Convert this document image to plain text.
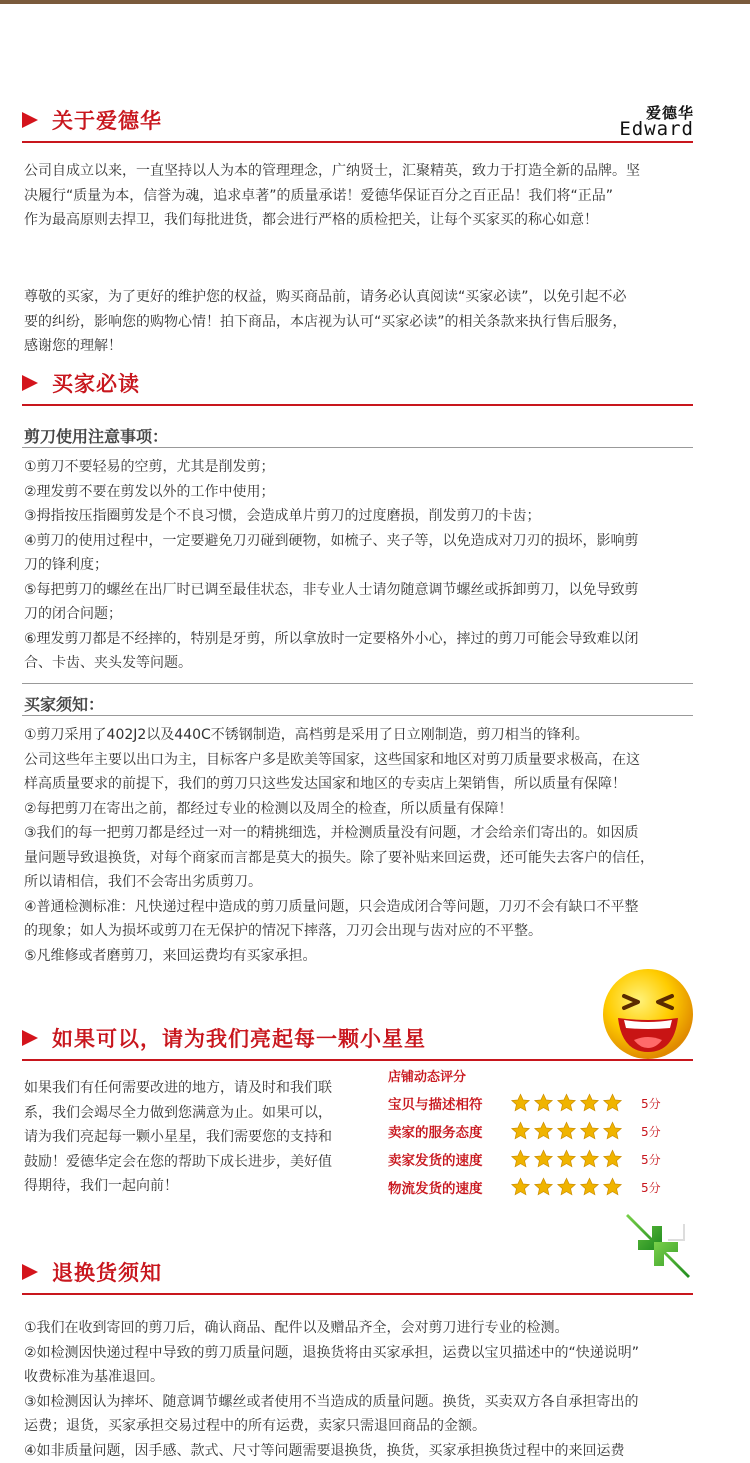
关于爱德华	爱德华
Edward
公司自成立以来，一直坚持以人为本的管理理念，广纳贤士，汇聚精英，致力于打造全新的品牌。坚
决履行“质量为本，信誉为魂，追求卓著”的质量承诺！爱德华保证百分之百正品！我们将“正品”
作为最高原则去捍卫，我们每批进货，都会进行严格的质检把关，让每个买家买的称心如意！
尊敬的买家，为了更好的维护您的权益，购买商品前，请务必认真阅读“买家必读”，以免引起不必
要的纠纷，影响您的购物心情！拍下商品，本店视为认可“买家必读”的相关条款来执行售后服务，
感谢您的理解！
买家必读
剪刀使用注意事项：
①剪刀不要轻易的空剪，尤其是削发剪；
②理发剪不要在剪发以外的工作中使用；
③拇指按压指圈剪发是个不良习惯，会造成单片剪刀的过度磨损，削发剪刀的卡齿；
④剪刀的使用过程中，一定要避免刀刃碰到硬物，如梳子、夹子等，以免造成对刀刃的损坏，影响剪
刀的锋利度；
⑤每把剪刀的螺丝在出厂时已调至最佳状态，非专业人士请勿随意调节螺丝或拆卸剪刀，以免导致剪
刀的闭合问题；
⑥理发剪刀都是不经摔的，特别是牙剪，所以拿放时一定要格外小心，摔过的剪刀可能会导致难以闭
合、卡齿、夹头发等问题。
买家须知：
①剪刀采用了402J2以及440C不锈钢制造，高档剪是采用了日立刚制造，剪刀相当的锋利。
公司这些年主要以出口为主，目标客户多是欧美等国家，这些国家和地区对剪刀质量要求极高，在这
样高质量要求的前提下，我们的剪刀只这些发达国家和地区的专卖店上架销售，所以质量有保障！
②每把剪刀在寄出之前，都经过专业的检测以及周全的检查，所以质量有保障！
③我们的每一把剪刀都是经过一对一的精挑细选，并检测质量没有问题，才会给亲们寄出的。如因质
量问题导致退换货，对每个商家而言都是莫大的损失。除了要补贴来回运费，还可能失去客户的信任，
所以请相信，我们不会寄出劣质剪刀。
④普通检测标准：凡快递过程中造成的剪刀质量问题，只会造成闭合等问题，刀刃不会有缺口不平整
的现象；如人为损坏或剪刀在无保护的情况下摔落，刀刃会出现与齿对应的不平整。
⑤凡维修或者磨剪刀，来回运费均有买家承担。
如果可以，请为我们亮起每一颗小星星
如果我们有任何需要改进的地方，请及时和我们联
系，我们会竭尽全力做到您满意为止。如果可以，
请为我们亮起每一颗小星星，我们需要您的支持和
鼓励！爱德华定会在您的帮助下成长进步，美好值
得期待，我们一起向前！
店铺动态评分
宝贝与描述相符	5分
卖家的服务态度	5分
卖家发货的速度	5分
物流发货的速度	5分
退换货须知
①我们在收到寄回的剪刀后，确认商品、配件以及赠品齐全，会对剪刀进行专业的检测。
②如检测因快递过程中导致的剪刀质量问题，退换货将由买家承担，运费以宝贝描述中的“快递说明”
收费标准为基准退回。
③如检测因认为摔坏、随意调节螺丝或者使用不当造成的质量问题。换货，买卖双方各自承担寄出的
运费；退货，买家承担交易过程中的所有运费，卖家只需退回商品的金额。
④如非质量问题，因手感、款式、尺寸等问题需要退换货，换货，买家承担换货过程中的来回运费
